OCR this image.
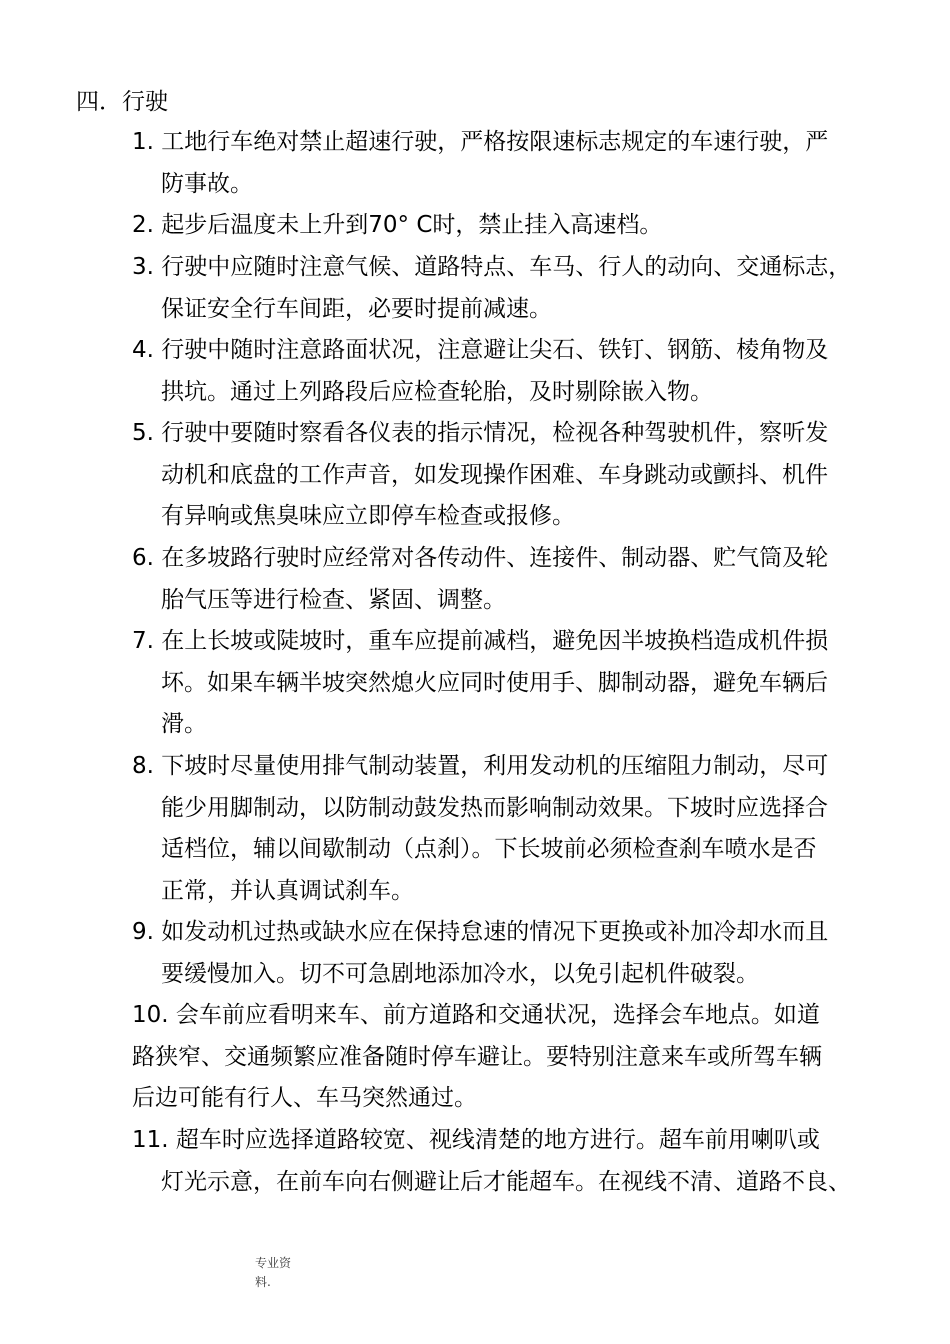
四．行驶
1. 工地行车绝对禁止超速行驶，严格按限速标志规定的车速行驶，严
防事故。
2. 起步后温度未上升到70° C时，禁止挂入高速档。
3. 行驶中应随时注意气候、道路特点、车马、行人的动向、交通标志，
保证安全行车间距，必要时提前减速。
4. 行驶中随时注意路面状况，注意避让尖石、铁钉、钢筋、棱角物及
拱坑。通过上列路段后应检查轮胎，及时剔除嵌入物。
5. 行驶中要随时察看各仪表的指示情况，检视各种驾驶机件，察听发
动机和底盘的工作声音，如发现操作困难、车身跳动或颤抖、机件
有异响或焦臭味应立即停车检查或报修。
6. 在多坡路行驶时应经常对各传动件、连接件、制动器、贮气筒及轮
胎气压等进行检查、紧固、调整。
7. 在上长坡或陡坡时，重车应提前减档，避免因半坡换档造成机件损
坏。如果车辆半坡突然熄火应同时使用手、脚制动器，避免车辆后
滑。
8. 下坡时尽量使用排气制动装置，利用发动机的压缩阻力制动，尽可
能少用脚制动，以防制动鼓发热而影响制动效果。下坡时应选择合
适档位，辅以间歇制动（点刹）。下长坡前必须检查刹车喷水是否
正常，并认真调试刹车。
9. 如发动机过热或缺水应在保持怠速的情况下更换或补加冷却水而且
要缓慢加入。切不可急剧地添加冷水，以免引起机件破裂。
10. 会车前应看明来车、前方道路和交通状况，选择会车地点。如道
路狭窄、交通频繁应准备随时停车避让。要特别注意来车或所驾车辆
后边可能有行人、车马突然通过。
11. 超车时应选择道路较宽、视线清楚的地方进行。超车前用喇叭或
灯光示意，在前车向右侧避让后才能超车。在视线不清、道路不良、
专业资
料.
